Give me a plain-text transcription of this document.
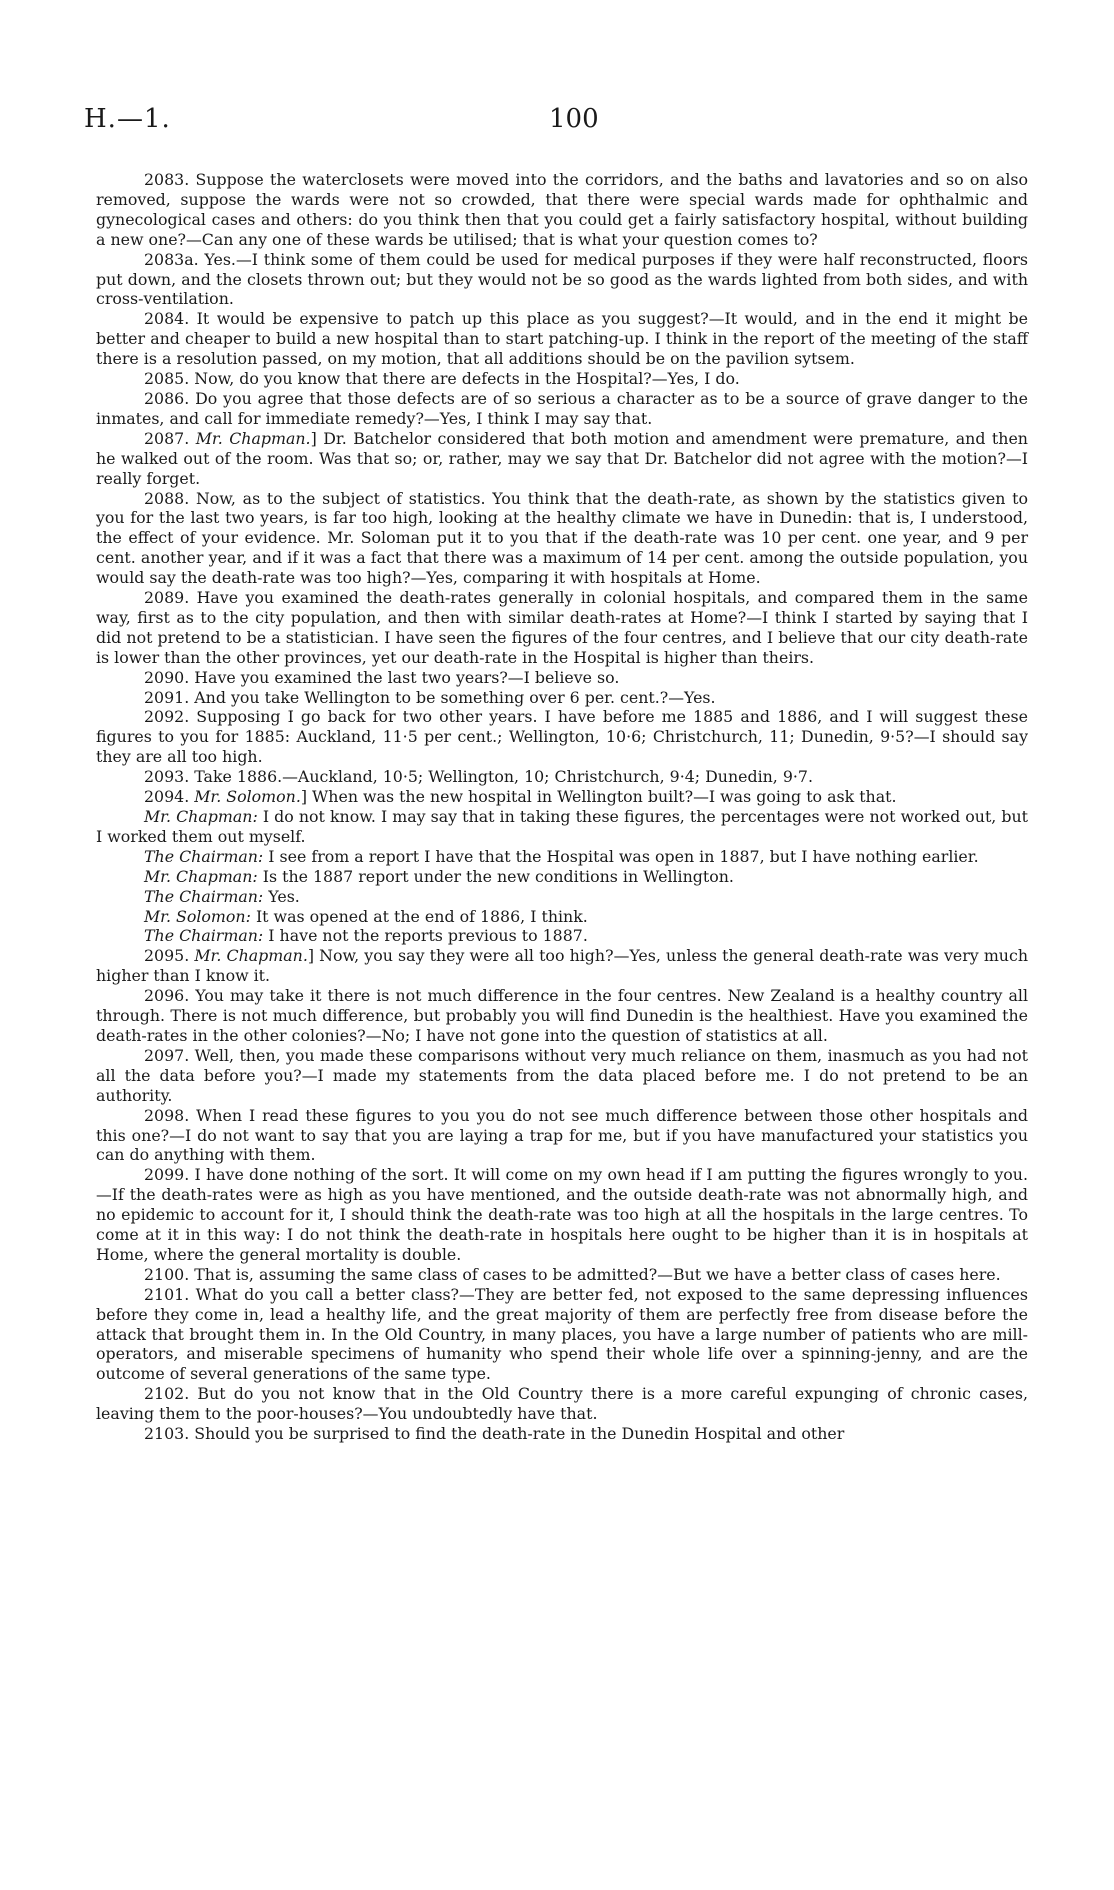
H.—1.	100

2083. Suppose the waterclosets were moved into the corridors, and the baths and lavatories and so on also removed, suppose the wards were not so crowded, that there were special wards made for ophthalmic and gynecological cases and others: do you think then that you could get a fairly satisfactory hospital, without building a new one?—Can any one of these wards be utilised; that is what your question comes to?

2083a. Yes.—I think some of them could be used for medical purposes if they were half reconstructed, floors put down, and the closets thrown out; but they would not be so good as the wards lighted from both sides, and with cross-ventilation.

2084. It would be expensive to patch up this place as you suggest?—It would, and in the end it might be better and cheaper to build a new hospital than to start patching-up. I think in the report of the meeting of the staff there is a resolution passed, on my motion, that all additions should be on the pavilion sytsem.

2085. Now, do you know that there are defects in the Hospital?—Yes, I do.

2086. Do you agree that those defects are of so serious a character as to be a source of grave danger to the inmates, and call for immediate remedy?—Yes, I think I may say that.

2087. Mr. Chapman.] Dr. Batchelor considered that both motion and amendment were premature, and then he walked out of the room. Was that so; or, rather, may we say that Dr. Batchelor did not agree with the motion?—I really forget.

2088. Now, as to the subject of statistics. You think that the death-rate, as shown by the statistics given to you for the last two years, is far too high, looking at the healthy climate we have in Dunedin: that is, I understood, the effect of your evidence. Mr. Soloman put it to you that if the death-rate was 10 per cent. one year, and 9 per cent. another year, and if it was a fact that there was a maximum of 14 per cent. among the outside population, you would say the death-rate was too high?—Yes, comparing it with hospitals at Home.

2089. Have you examined the death-rates generally in colonial hospitals, and compared them in the same way, first as to the city population, and then with similar death-rates at Home?—I think I started by saying that I did not pretend to be a statistician. I have seen the figures of the four centres, and I believe that our city death-rate is lower than the other provinces, yet our death-rate in the Hospital is higher than theirs.

2090. Have you examined the last two years?—I believe so.

2091. And you take Wellington to be something over 6 per. cent.?—Yes.

2092. Supposing I go back for two other years. I have before me 1885 and 1886, and I will suggest these figures to you for 1885: Auckland, 11·5 per cent.; Wellington, 10·6; Christchurch, 11; Dunedin, 9·5?—I should say they are all too high.

2093. Take 1886.—Auckland, 10·5; Wellington, 10; Christchurch, 9·4; Dunedin, 9·7.

2094. Mr. Solomon.] When was the new hospital in Wellington built?—I was going to ask that.

Mr. Chapman: I do not know. I may say that in taking these figures, the percentages were not worked out, but I worked them out myself.

The Chairman: I see from a report I have that the Hospital was open in 1887, but I have nothing earlier.

Mr. Chapman: Is the 1887 report under the new conditions in Wellington.

The Chairman: Yes.

Mr. Solomon: It was opened at the end of 1886, I think.

The Chairman: I have not the reports previous to 1887.

2095. Mr. Chapman.] Now, you say they were all too high?—Yes, unless the general death-rate was very much higher than I know it.

2096. You may take it there is not much difference in the four centres. New Zealand is a healthy country all through. There is not much difference, but probably you will find Dunedin is the healthiest. Have you examined the death-rates in the other colonies?—No; I have not gone into the question of statistics at all.

2097. Well, then, you made these comparisons without very much reliance on them, inasmuch as you had not all the data before you?—I made my statements from the data placed before me. I do not pretend to be an authority.

2098. When I read these figures to you you do not see much difference between those other hospitals and this one?—I do not want to say that you are laying a trap for me, but if you have manufactured your statistics you can do anything with them.

2099. I have done nothing of the sort. It will come on my own head if I am putting the figures wrongly to you.—If the death-rates were as high as you have mentioned, and the outside death-rate was not abnormally high, and no epidemic to account for it, I should think the death-rate was too high at all the hospitals in the large centres. To come at it in this way: I do not think the death-rate in hospitals here ought to be higher than it is in hospitals at Home, where the general mortality is double.

2100. That is, assuming the same class of cases to be admitted?—But we have a better class of cases here.

2101. What do you call a better class?—They are better fed, not exposed to the same depressing influences before they come in, lead a healthy life, and the great majority of them are perfectly free from disease before the attack that brought them in. In the Old Country, in many places, you have a large number of patients who are mill-operators, and miserable specimens of humanity who spend their whole life over a spinning-jenny, and are the outcome of several generations of the same type.

2102. But do you not know that in the Old Country there is a more careful expunging of chronic cases, leaving them to the poor-houses?—You undoubtedly have that.

2103. Should you be surprised to find the death-rate in the Dunedin Hospital and other
